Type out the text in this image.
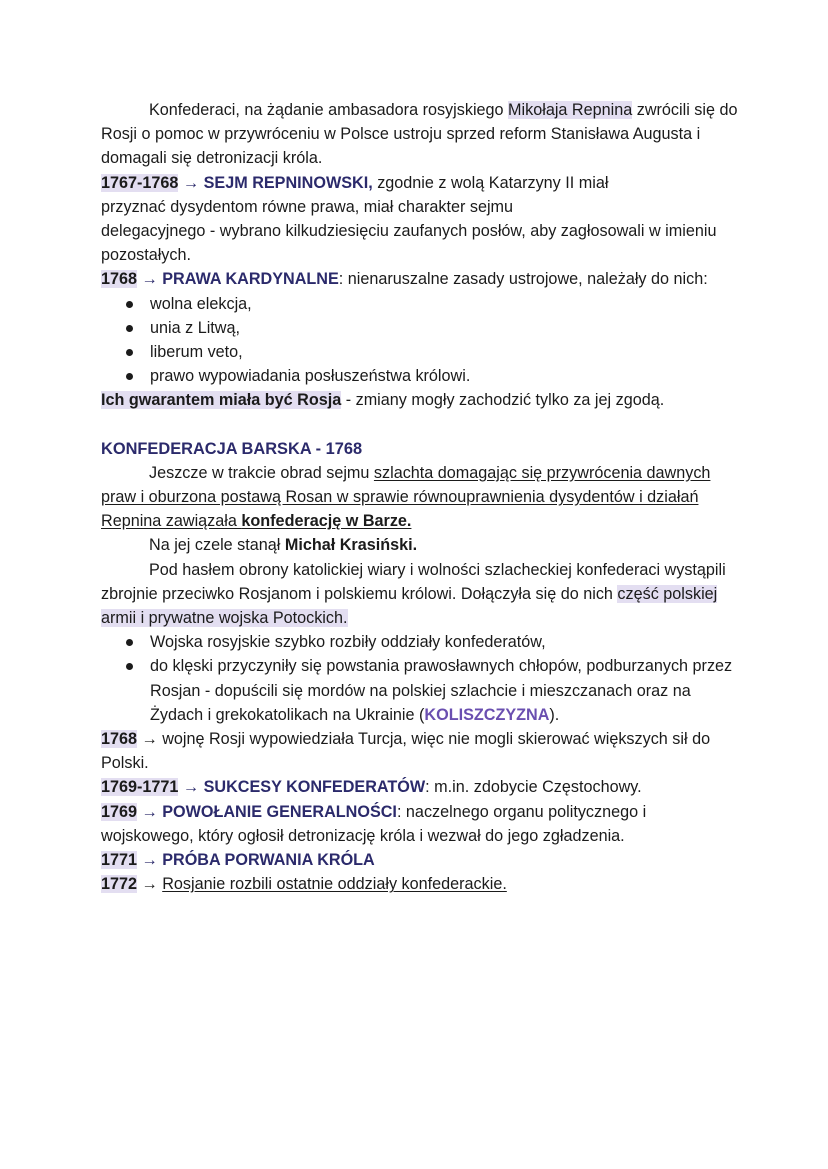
Konfederaci, na żądanie ambasadora rosyjskiego Mikołaja Repnina zwrócili się do Rosji o pomoc w przywróceniu w Polsce ustroju sprzed reform Stanisława Augusta i domagali się detronizacji króla.

1767-1768 → SEJM REPNINOWSKI, zgodnie z wolą Katarzyny II miał
przyznać dysydentom równe prawa, miał charakter sejmu
delegacyjnego - wybrano kilkudziesięciu zaufanych posłów, aby zagłosowali w imieniu pozostałych.

1768 → PRAWA KARDYNALNE: nienaruszalne zasady ustrojowe, należały do nich:

wolna elekcja,
unia z Litwą,
liberum veto,
prawo wypowiadania posłuszeństwa królowi.

Ich gwarantem miała być Rosja - zmiany mogły zachodzić tylko za jej zgodą.

KONFEDERACJA BARSKA - 1768

Jeszcze w trakcie obrad sejmu szlachta domagając się przywrócenia dawnych praw i oburzona postawą Rosan w sprawie równouprawnienia dysydentów i działań Repnina zawiązała konfederację w Barze.

Na jej czele stanął Michał Krasiński.

Pod hasłem obrony katolickiej wiary i wolności szlacheckiej konfederaci wystąpili zbrojnie przeciwko Rosjanom i polskiemu królowi. Dołączyła się do nich część polskiej armii i prywatne wojska Potockich.

Wojska rosyjskie szybko rozbiły oddziały konfederatów,
do klęski przyczyniły się powstania prawosławnych chłopów, podburzanych przez Rosjan - dopuścili się mordów na polskiej szlachcie i mieszczanach oraz na Żydach i grekokatolikach na Ukrainie (KOLISZCZYZNA).

1768 → wojnę Rosji wypowiedziała Turcja, więc nie mogli skierować większych sił do Polski.

1769-1771 → SUKCESY KONFEDERATÓW: m.in. zdobycie Częstochowy.

1769 → POWOŁANIE GENERALNOŚCI: naczelnego organu politycznego i wojskowego, który ogłosił detronizację króla i wezwał do jego zgładzenia.

1771 → PRÓBA PORWANIA KRÓLA

1772 → Rosjanie rozbili ostatnie oddziały konfederackie.
